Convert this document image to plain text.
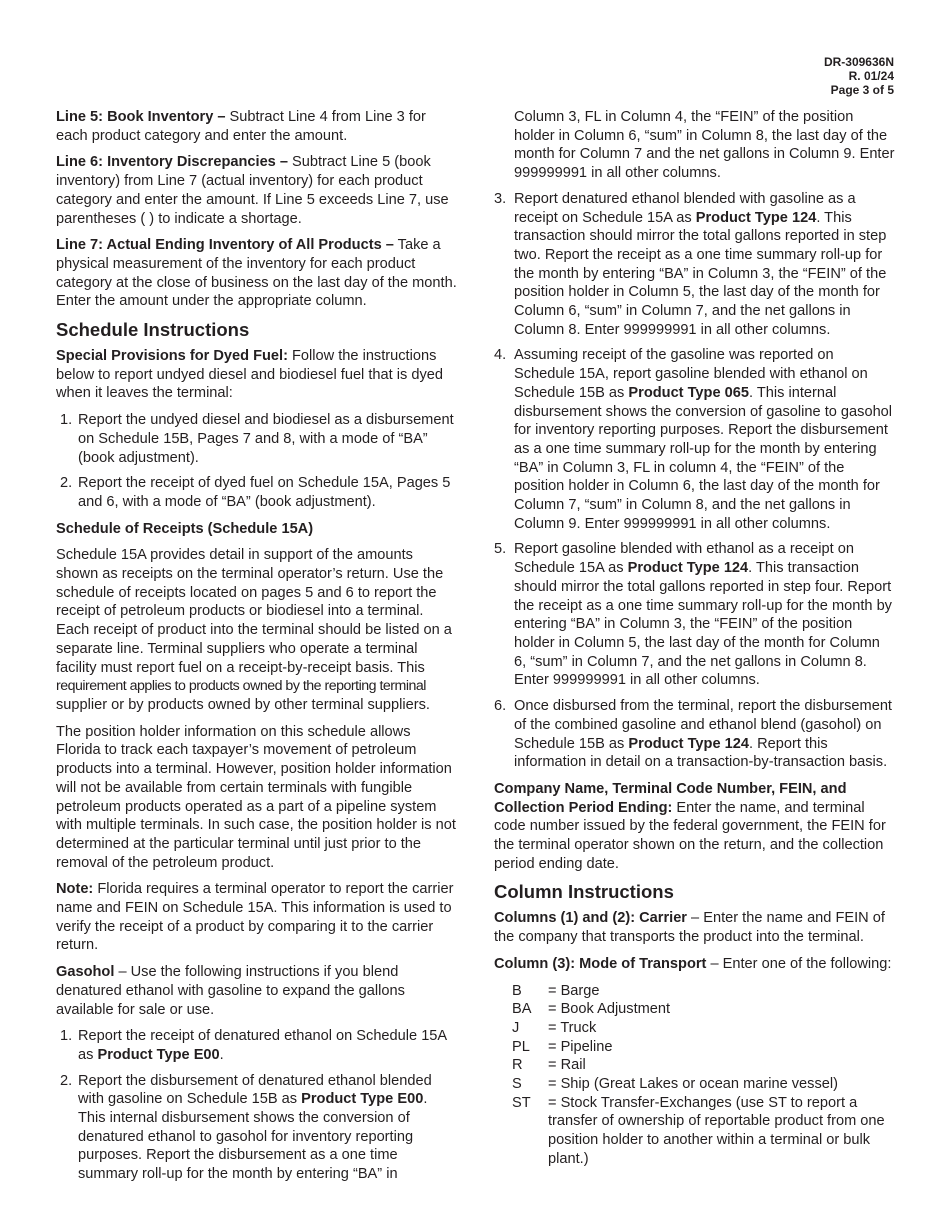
DR-309636N
R. 01/24
Page 3 of 5

Line 5: Book Inventory – Subtract Line 4 from Line 3 for each product category and enter the amount.

Line 6: Inventory Discrepancies – Subtract Line 5 (book inventory) from Line 7 (actual inventory) for each product category and enter the amount. If Line 5 exceeds Line 7, use parentheses ( ) to indicate a shortage.

Line 7: Actual Ending Inventory of All Products – Take a physical measurement of the inventory for each product category at the close of business on the last day of the month. Enter the amount under the appropriate column.

Schedule Instructions

Special Provisions for Dyed Fuel: Follow the instructions below to report undyed diesel and biodiesel fuel that is dyed when it leaves the terminal:

1. Report the undyed diesel and biodiesel as a disbursement on Schedule 15B, Pages 7 and 8, with a mode of “BA” (book adjustment).
2. Report the receipt of dyed fuel on Schedule 15A, Pages 5 and 6, with a mode of “BA” (book adjustment).

Schedule of Receipts (Schedule 15A)

Schedule 15A provides detail in support of the amounts shown as receipts on the terminal operator’s return. Use the schedule of receipts located on pages 5 and 6 to report the receipt of petroleum products or biodiesel into a terminal. Each receipt of product into the terminal should be listed on a separate line. Terminal suppliers who operate a terminal facility must report fuel on a receipt-by-receipt basis. This requirement applies to products owned by the reporting terminal supplier or by products owned by other terminal suppliers.

The position holder information on this schedule allows Florida to track each taxpayer’s movement of petroleum products into a terminal. However, position holder information will not be available from certain terminals with fungible petroleum products operated as a part of a pipeline system with multiple terminals. In such case, the position holder is not determined at the particular terminal until just prior to the removal of the petroleum product.

Note: Florida requires a terminal operator to report the carrier name and FEIN on Schedule 15A. This information is used to verify the receipt of a product by comparing it to the carrier return.

Gasohol – Use the following instructions if you blend denatured ethanol with gasoline to expand the gallons available for sale or use.

1. Report the receipt of denatured ethanol on Schedule 15A as Product Type E00.
2. Report the disbursement of denatured ethanol blended with gasoline on Schedule 15B as Product Type E00. This internal disbursement shows the conversion of denatured ethanol to gasohol for inventory reporting purposes. Report the disbursement as a one time summary roll-up for the month by entering “BA” in
Column 3, FL in Column 4, the “FEIN” of the position holder in Column 6, “sum” in Column 8, the last day of the month for Column 7 and the net gallons in Column 9. Enter 999999991 in all other columns.
3. Report denatured ethanol blended with gasoline as a receipt on Schedule 15A as Product Type 124. This transaction should mirror the total gallons reported in step two. Report the receipt as a one time summary roll-up for the month by entering “BA” in Column 3, the “FEIN” of the position holder in Column 5, the last day of the month for Column 6, “sum” in Column 7, and the net gallons in Column 8. Enter 999999991 in all other columns.
4. Assuming receipt of the gasoline was reported on Schedule 15A, report gasoline blended with ethanol on Schedule 15B as Product Type 065. This internal disbursement shows the conversion of gasoline to gasohol for inventory reporting purposes. Report the disbursement as a one time summary roll-up for the month by entering “BA” in Column 3, FL in column 4, the “FEIN” of the position holder in Column 6, the last day of the month for Column 7, “sum” in Column 8, and the net gallons in Column 9. Enter 999999991 in all other columns.
5. Report gasoline blended with ethanol as a receipt on Schedule 15A as Product Type 124. This transaction should mirror the total gallons reported in step four. Report the receipt as a one time summary roll-up for the month by entering “BA” in Column 3, the “FEIN” of the position holder in Column 5, the last day of the month for Column 6, “sum” in Column 7, and the net gallons in Column 8. Enter 999999991 in all other columns.
6. Once disbursed from the terminal, report the disbursement of the combined gasoline and ethanol blend (gasohol) on Schedule 15B as Product Type 124. Report this information in detail on a transaction-by-transaction basis.

Company Name, Terminal Code Number, FEIN, and Collection Period Ending: Enter the name, and terminal code number issued by the federal government, the FEIN for the terminal operator shown on the return, and the collection period ending date.

Column Instructions

Columns (1) and (2): Carrier – Enter the name and FEIN of the company that transports the product into the terminal.

Column (3): Mode of Transport – Enter one of the following:

B	= Barge
BA	= Book Adjustment
J	= Truck
PL	= Pipeline
R	= Rail
S	= Ship (Great Lakes or ocean marine vessel)
ST	= Stock Transfer-Exchanges (use ST to report a transfer of ownership of reportable product from one position holder to another within a terminal or bulk plant.)
